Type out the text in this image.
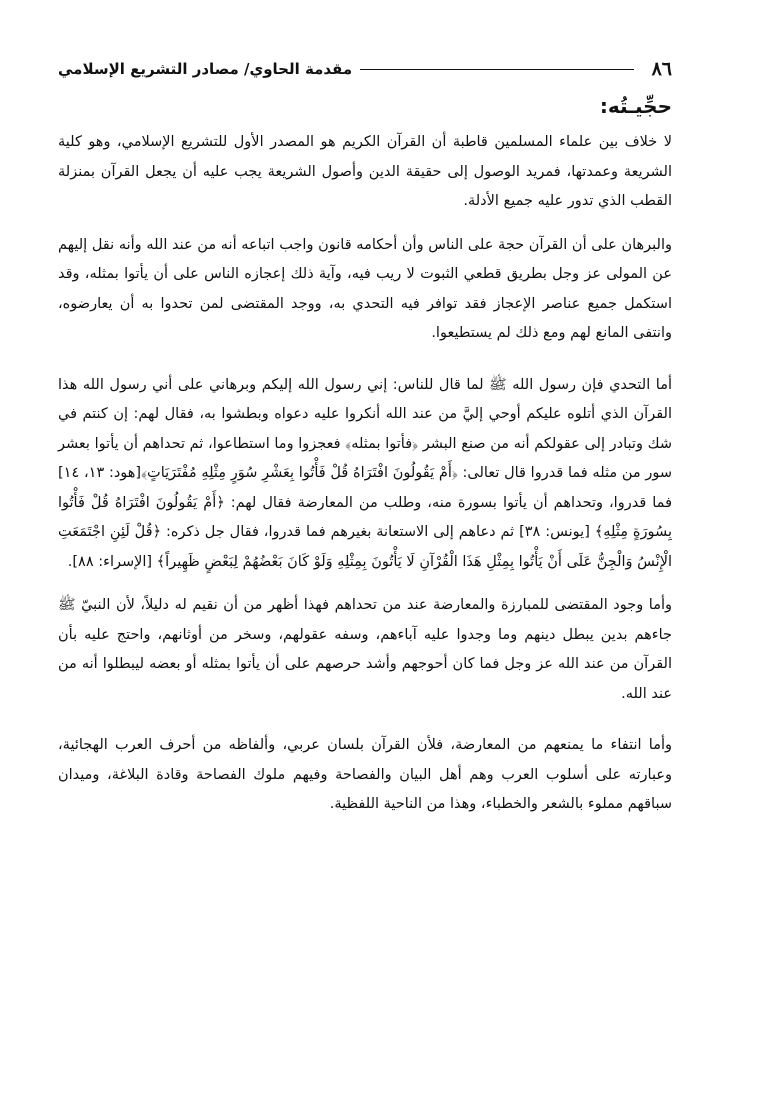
٨٦
مقدمة الحاوي/ مصادر التشريع الإسلامي
حجِّيـتُه:

لا خلاف بين علماء المسلمين قاطبة أن القرآن الكريم هو المصدر الأول للتشريع الإسلامي، وهو كلية الشريعة وعمدتها، فمريد الوصول إلى حقيقة الدين وأصول الشريعة يجب عليه أن يجعل القرآن بمنزلة القطب الذي تدور عليه جميع الأدلة.

والبرهان على أن القرآن حجة على الناس وأن أحكامه قانون واجب اتباعه أنه من عند الله وأنه نقل إليهم عن المولى عز وجل بطريق قطعي الثبوت لا ريب فيه، وآية ذلك إعجازه الناس على أن يأتوا بمثله، وقد استكمل جميع عناصر الإعجاز فقد توافر فيه التحدي به، ووجد المقتضى لمن تحدوا به أن يعارضوه، وانتفى المانع لهم ومع ذلك لم يستطيعوا.

أما التحدي فإن رسول الله ﷺ لما قال للناس: إني رسول الله إليكم وبرهاني على أني رسول الله هذا القرآن الذي أتلوه عليكم أوحي إليَّ من عند الله أنكروا عليه دعواه وبطشوا به، فقال لهم: إن كنتم في شك وتبادر إلى عقولكم أنه من صنع البشر ﴿فأتوا بمثله﴾ فعجزوا وما استطاعوا، ثم تحداهم أن يأتوا بعشر سور من مثله فما قدروا قال تعالى: ﴿أَمْ يَقُولُونَ افْتَرَاهُ قُلْ فَأْتُوا بِعَشْرِ سُوَرٍ مِثْلِهِ مُفْتَرَيَاتٍ﴾[هود: ١٣، ١٤] فما قدروا، وتحداهم أن يأتوا بسورة منه، وطلب من المعارضة فقال لهم: ﴿أَمْ يَقُولُونَ افْتَرَاهُ قُلْ فَأْتُوا بِسُورَةٍ مِثْلِهِ﴾ [يونس: ٣٨] ثم دعاهم إلى الاستعانة بغيرهم فما قدروا، فقال جل ذكره: ﴿قُلْ لَئِنِ اجْتَمَعَتِ الْإِنْسُ وَالْجِنُّ عَلَى أَنْ يَأْتُوا بِمِثْلِ هَذَا الْقُرْآنِ لَا يَأْتُونَ بِمِثْلِهِ وَلَوْ كَانَ بَعْضُهُمْ لِبَعْضٍ ظَهِيراً﴾ [الإسراء: ٨٨].

وأما وجود المقتضى للمبارزة والمعارضة عند من تحداهم فهذا أظهر من أن نقيم له دليلاً، لأن النبيّ ﷺ جاءهم بدين يبطل دينهم وما وجدوا عليه آباءهم، وسفه عقولهم، وسخر من أوثانهم، واحتج عليه بأن القرآن من عند الله عز وجل فما كان أحوجهم وأشد حرصهم على أن يأتوا بمثله أو بعضه ليبطلوا أنه من عند الله.

وأما انتفاء ما يمنعهم من المعارضة، فلأن القرآن بلسان عربي، وألفاظه من أحرف العرب الهجائية، وعبارته على أسلوب العرب وهم أهل البيان والفصاحة وفيهم ملوك الفصاحة وقادة البلاغة، وميدان سباقهم مملوء بالشعر والخطباء، وهذا من الناحية اللفظية.
